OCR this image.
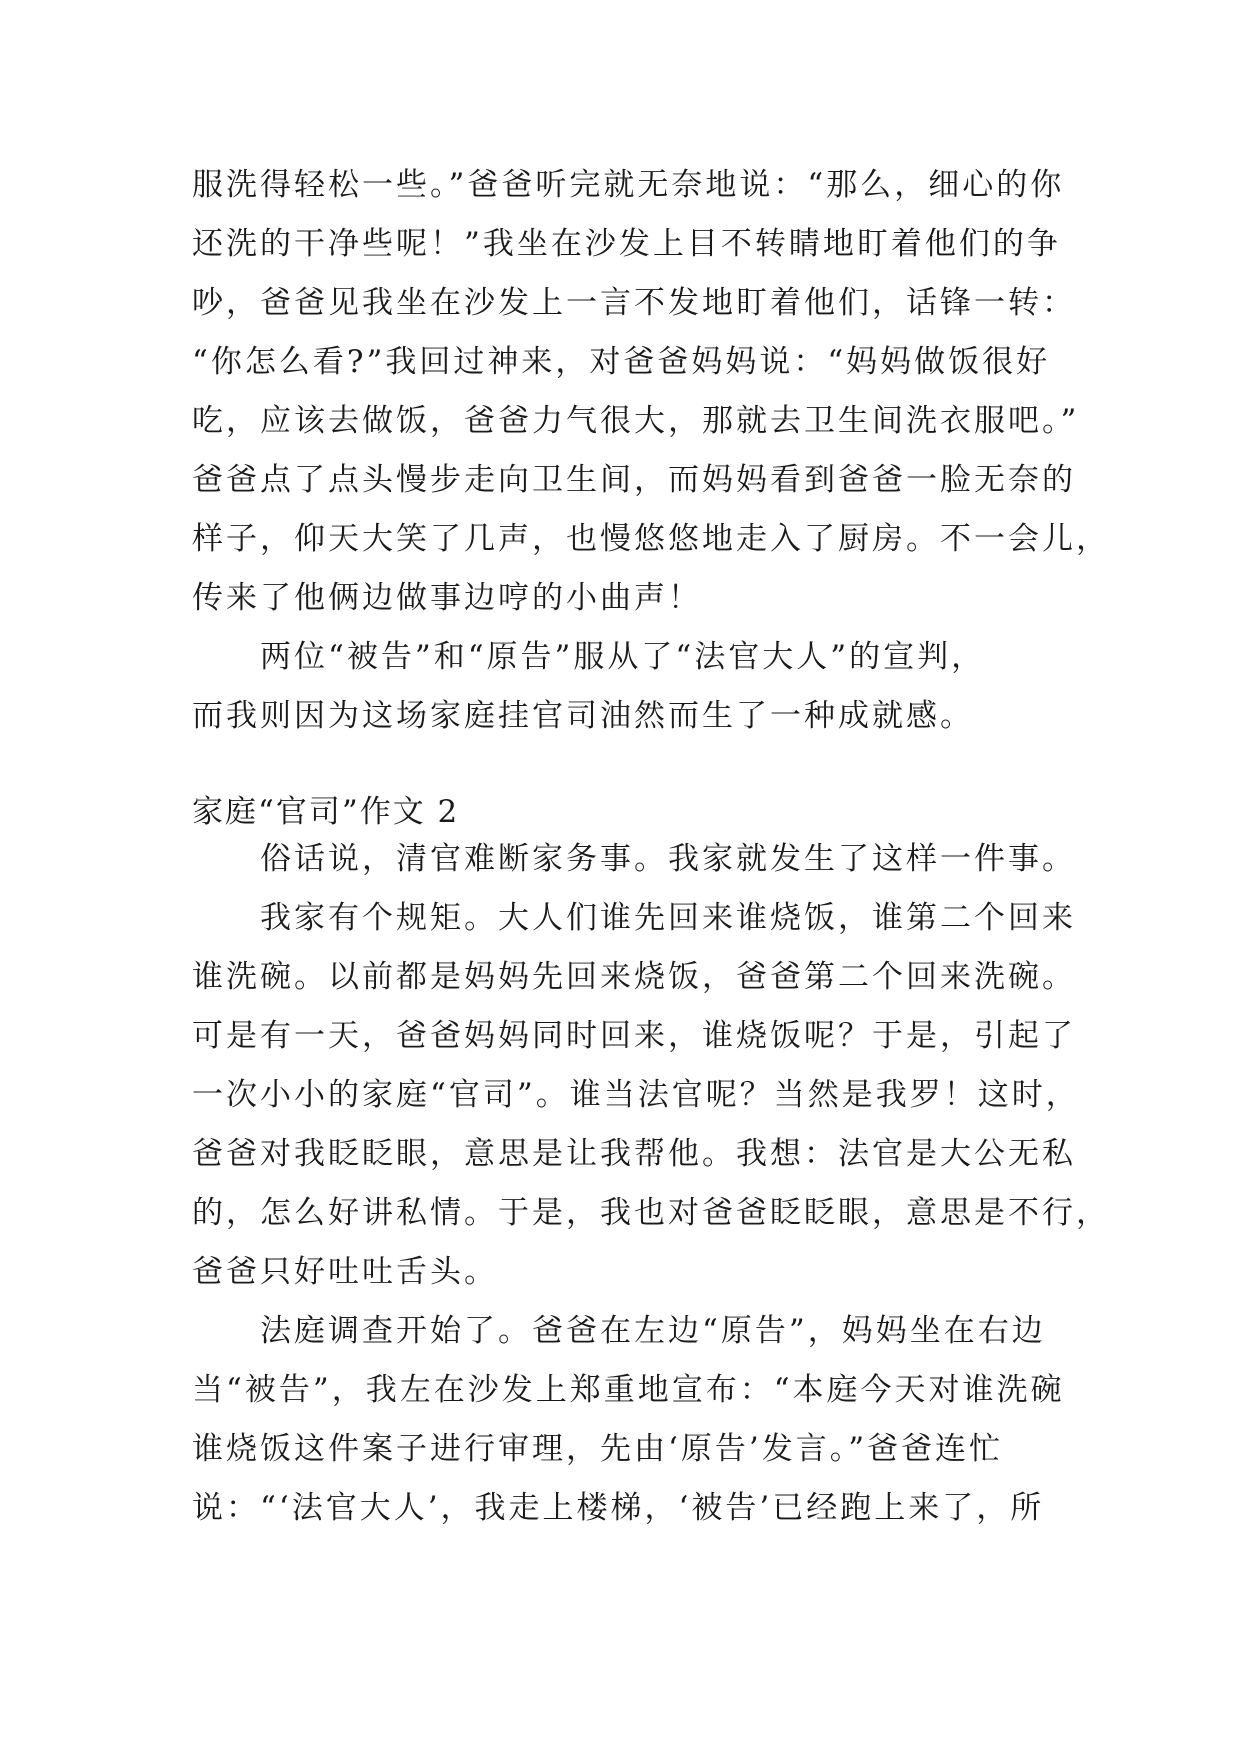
服洗得轻松一些。”爸爸听完就无奈地说：“那么，细心的你
还洗的干净些呢！”我坐在沙发上目不转睛地盯着他们的争
吵，爸爸见我坐在沙发上一言不发地盯着他们，话锋一转：
“你怎么看?”我回过神来，对爸爸妈妈说：“妈妈做饭很好
吃，应该去做饭，爸爸力气很大，那就去卫生间洗衣服吧。”
爸爸点了点头慢步走向卫生间，而妈妈看到爸爸一脸无奈的
样子，仰天大笑了几声，也慢悠悠地走入了厨房。不一会儿，
传来了他俩边做事边哼的小曲声！

两位“被告”和“原告”服从了“法官大人”的宣判，
而我则因为这场家庭挂官司油然而生了一种成就感。

家庭“官司”作文 2

俗话说，清官难断家务事。我家就发生了这样一件事。

我家有个规矩。大人们谁先回来谁烧饭，谁第二个回来
谁洗碗。以前都是妈妈先回来烧饭，爸爸第二个回来洗碗。
可是有一天，爸爸妈妈同时回来，谁烧饭呢？于是，引起了
一次小小的家庭“官司”。谁当法官呢？当然是我罗！这时，
爸爸对我眨眨眼，意思是让我帮他。我想：法官是大公无私
的，怎么好讲私情。于是，我也对爸爸眨眨眼，意思是不行，
爸爸只好吐吐舌头。

法庭调查开始了。爸爸在左边“原告”，妈妈坐在右边
当“被告”，我左在沙发上郑重地宣布：“本庭今天对谁洗碗
谁烧饭这件案子进行审理，先由‘原告’发言。”爸爸连忙
说：“‘法官大人’，我走上楼梯，‘被告’已经跑上来了，所
